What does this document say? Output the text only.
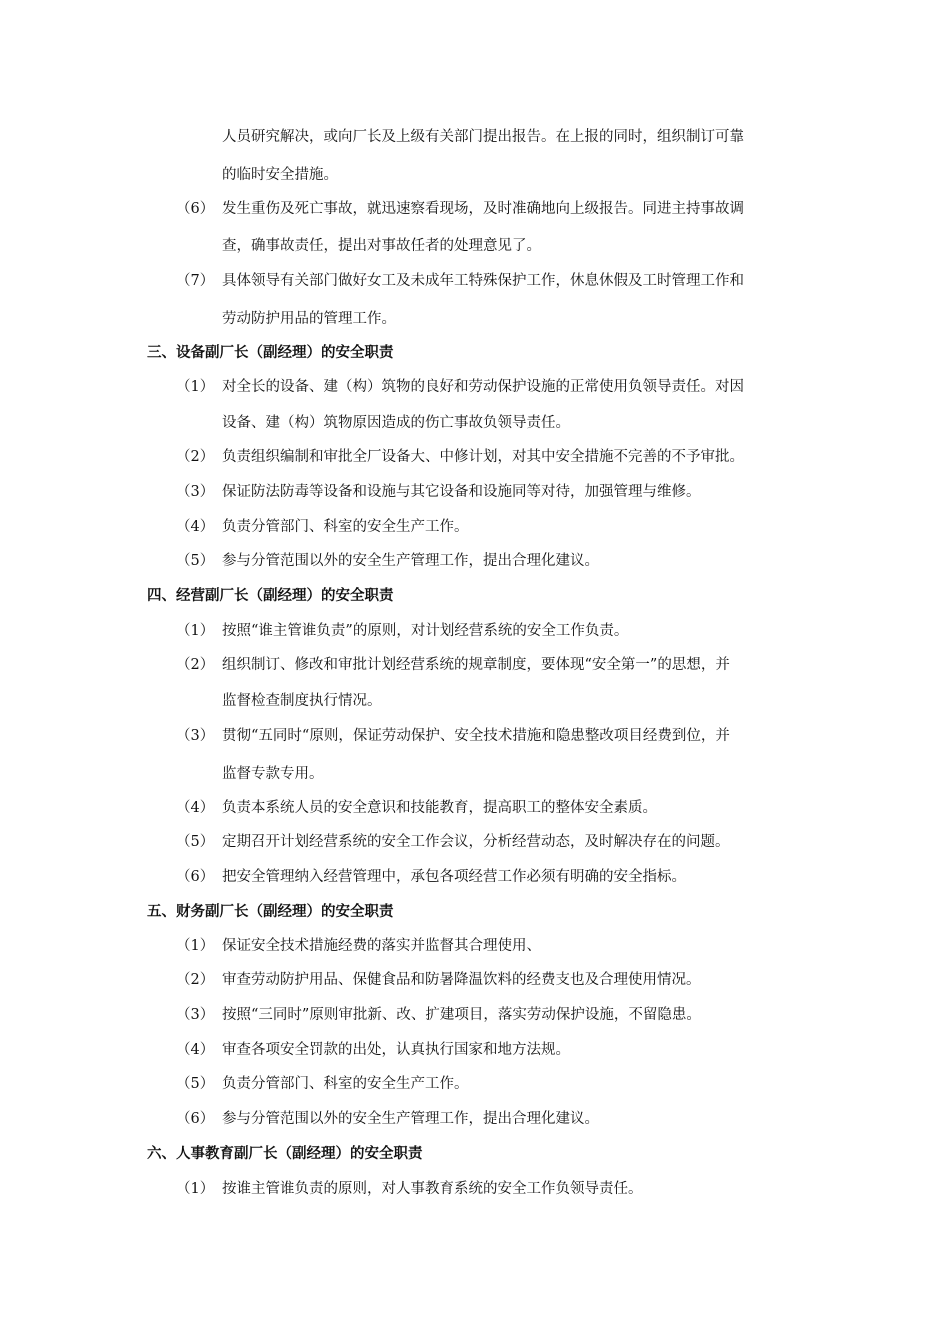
人员研究解决，或向厂长及上级有关部门提出报告。在上报的同时，组织制订可靠
的临时安全措施。
（6） 发生重伤及死亡事故，就迅速察看现场，及时准确地向上级报告。同进主持事故调
查，确事故责任，提出对事故任者的处理意见了。
（7） 具体领导有关部门做好女工及未成年工特殊保护工作，休息休假及工时管理工作和
劳动防护用品的管理工作。
三、设备副厂长（副经理）的安全职责
（1） 对全长的设备、建（构）筑物的良好和劳动保护设施的正常使用负领导责任。对因
设备、建（构）筑物原因造成的伤亡事故负领导责任。
（2） 负责组织编制和审批全厂设备大、中修计划，对其中安全措施不完善的不予审批。
（3） 保证防法防毒等设备和设施与其它设备和设施同等对待，加强管理与维修。
（4） 负责分管部门、科室的安全生产工作。
（5） 参与分管范围以外的安全生产管理工作，提出合理化建议。
四、经营副厂长（副经理）的安全职责
（1） 按照“谁主管谁负责”的原则，对计划经营系统的安全工作负责。
（2） 组织制订、修改和审批计划经营系统的规章制度，要体现“安全第一”的思想，并
监督检查制度执行情况。
（3） 贯彻“五同时“原则，保证劳动保护、安全技术措施和隐患整改项目经费到位，并
监督专款专用。
（4） 负责本系统人员的安全意识和技能教育，提高职工的整体安全素质。
（5） 定期召开计划经营系统的安全工作会议，分析经营动态，及时解决存在的问题。
（6） 把安全管理纳入经营管理中，承包各项经营工作必须有明确的安全指标。
五、财务副厂长（副经理）的安全职责
（1） 保证安全技术措施经费的落实并监督其合理使用、
（2） 审查劳动防护用品、保健食品和防暑降温饮料的经费支也及合理使用情况。
（3） 按照“三同时”原则审批新、改、扩建项目，落实劳动保护设施，不留隐患。
（4） 审查各项安全罚款的出处，认真执行国家和地方法规。
（5） 负责分管部门、科室的安全生产工作。
（6） 参与分管范围以外的安全生产管理工作，提出合理化建议。
六、人事教育副厂长（副经理）的安全职责
（1） 按谁主管谁负责的原则，对人事教育系统的安全工作负领导责任。
